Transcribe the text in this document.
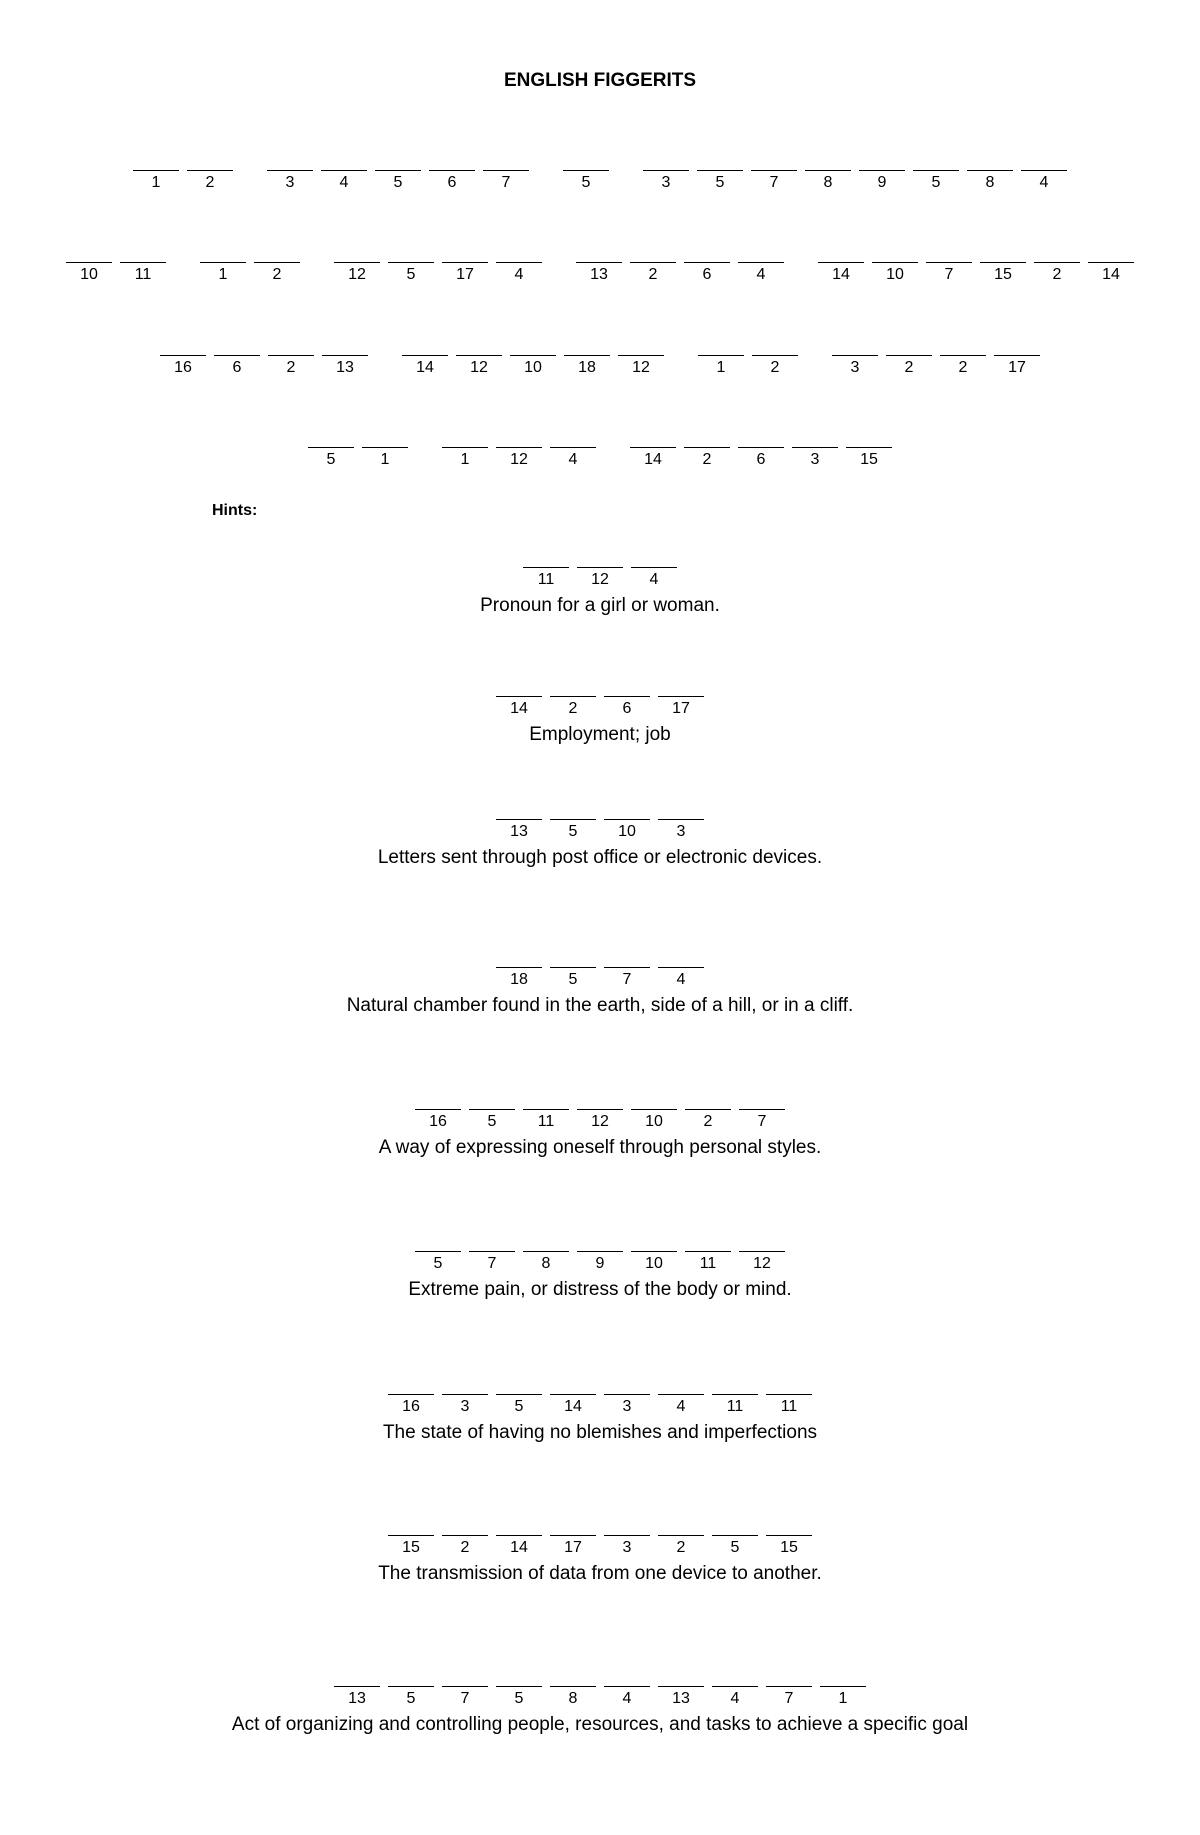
ENGLISH FIGGERITS
1	2	3	4	5	6	7	5	3	5	7	8	9	5	8	4
10 11	1	2	12	5	17	4	13	2	6	4	14 10	7	15	2	14
16	6	2	13	14 12 10 18 12	1	2	3	2	2	17
5	1	1	12	4	14	2	6	3	15
Hints:
11 12	4
Pronoun for a girl or woman.
14	2	6	17
Employment; job
13	5	10	3
Letters sent through post office or electronic devices.
18	5	7	4
Natural chamber found in the earth, side of a hill, or in a cliff.
16	5	11 12 10	2	7
A way of expressing oneself through personal styles.
5	7	8	9	10 11 12
Extreme pain, or distress of the body or mind.
16	3	5	14	3	4	11 11
The state of having no blemishes and imperfections
15	2	14 17	3	2	5	15
The transmission of data from one device to another.
13	5	7	5	8	4	13	4	7	1
Act of organizing and controlling people, resources, and tasks to achieve a specific goal
